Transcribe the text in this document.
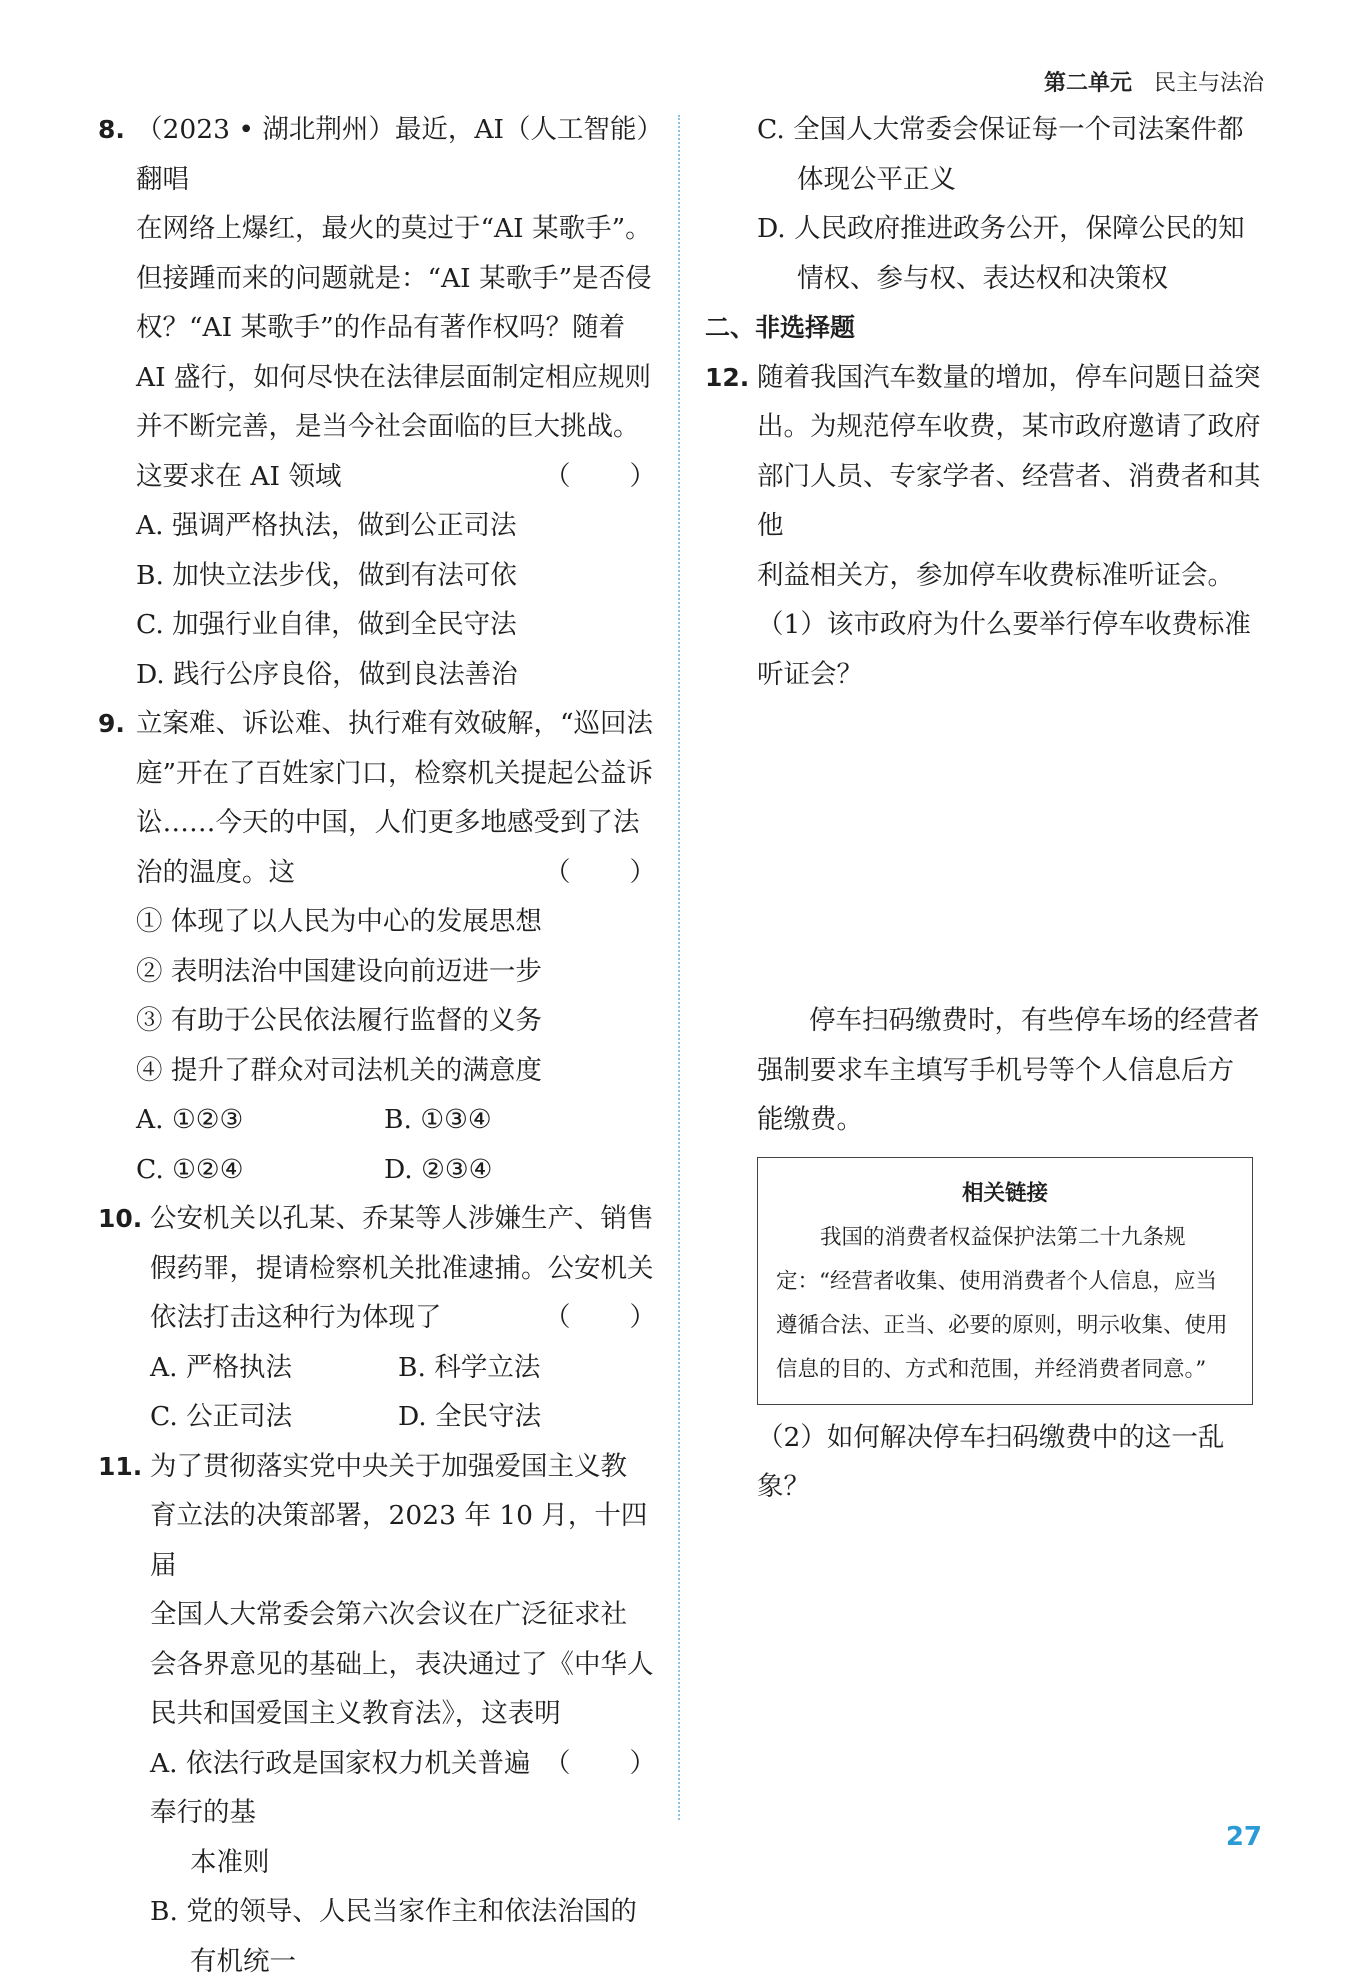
第二单元 民主与法治
8. （2023 • 湖北荆州）最近，AI（人工智能）翻唱
在网络上爆红，最火的莫过于“AI 某歌手”。
但接踵而来的问题就是：“AI 某歌手”是否侵
权？“AI 某歌手”的作品有著作权吗？随着
AI 盛行，如何尽快在法律层面制定相应规则
并不断完善，是当今社会面临的巨大挑战。
这要求在 AI 领域	（　　）
A. 强调严格执法，做到公正司法
B. 加快立法步伐，做到有法可依
C. 加强行业自律，做到全民守法
D. 践行公序良俗，做到良法善治
9. 立案难、诉讼难、执行难有效破解，“巡回法
庭”开在了百姓家门口，检察机关提起公益诉
讼……今天的中国，人们更多地感受到了法
治的温度。这	（　　）
① 体现了以人民为中心的发展思想
② 表明法治中国建设向前迈进一步
③ 有助于公民依法履行监督的义务
④ 提升了群众对司法机关的满意度
A. ①②③	B. ①③④
C. ①②④	D. ②③④
10. 公安机关以孔某、乔某等人涉嫌生产、销售
假药罪，提请检察机关批准逮捕。公安机关
依法打击这种行为体现了	（　　）
A. 严格执法	B. 科学立法
C. 公正司法	D. 全民守法
11. 为了贯彻落实党中央关于加强爱国主义教
育立法的决策部署，2023 年 10 月，十四届
全国人大常委会第六次会议在广泛征求社
会各界意见的基础上，表决通过了《中华人
民共和国爱国主义教育法》，这表明
（　　）
A. 依法行政是国家权力机关普遍奉行的基
本准则
B. 党的领导、人民当家作主和依法治国的
有机统一
C. 全国人大常委会保证每一个司法案件都
体现公平正义
D. 人民政府推进政务公开，保障公民的知
情权、参与权、表达权和决策权
二、非选择题
12. 随着我国汽车数量的增加，停车问题日益突
出。为规范停车收费，某市政府邀请了政府
部门人员、专家学者、经营者、消费者和其他
利益相关方，参加停车收费标准听证会。
（1）该市政府为什么要举行停车收费标准
听证会？
停车扫码缴费时，有些停车场的经营者
强制要求车主填写手机号等个人信息后方
能缴费。
相关链接
我国的消费者权益保护法第二十九条规
定：“经营者收集、使用消费者个人信息，应当
遵循合法、正当、必要的原则，明示收集、使用
信息的目的、方式和范围，并经消费者同意。”
（2）如何解决停车扫码缴费中的这一乱象？
27
